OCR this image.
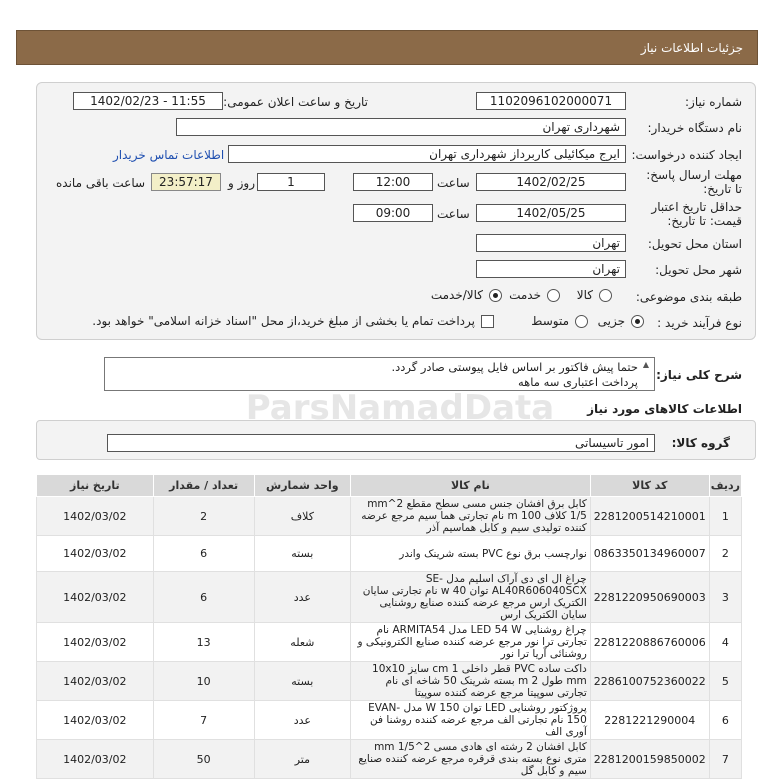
جزئیات اطلاعات نیاز
شماره نیاز:
1102096102000071
تاریخ و ساعت اعلان عمومی:
1402/02/23 - 11:55
نام دستگاه خریدار:
شهرداری تهران
ایجاد کننده درخواست:
ایرج میکائیلی کاربرداز شهرداری تهران
اطلاعات تماس خریدار
مهلت ارسال پاسخ: تا تاریخ:
1402/02/25
ساعت
12:00
1
روز و
23:57:17
ساعت باقی مانده
حداقل تاریخ اعتبار قیمت: تا تاریخ:
1402/05/25
ساعت
09:00
استان محل تحویل:
تهران
شهر محل تحویل:
تهران
طبقه بندی موضوعی:
کالا
خدمت
کالا/خدمت
نوع فرآیند خرید :
جزیی
متوسط
پرداخت تمام یا بخشی از مبلغ خرید،از محل "اسناد خزانه اسلامی" خواهد بود.
شرح کلی نیاز:
حتما پیش فاکتور بر اساس فایل پیوستی صادر گردد.
پرداخت اعتباری سه ماهه
▲
اطلاعات کالاهای مورد نیاز
گروه کالا:
امور تاسیساتی
ردیف	کد کالا	نام کالا	واحد شمارش	تعداد / مقدار	تاریخ نیاز
1	2281200514210001	کابل برق افشان جنس مسی سطح مقطع 2^mm 1/5 کلاف 100 m نام تجارتی هما سیم مرجع عرضه کننده تولیدی سیم و کابل هماسیم آذر	کلاف	2	1402/03/02
2	0863350134960007	نوارچسب برق نوع PVC بسته شرینک واندر	بسته	6	1402/03/02
3	2281220950690003	چراغ ال ای دی آراک اسلیم مدل SE-AL40R606040SCX توان 40 w نام تجارتی سایان الکتریک ارس مرجع عرضه کننده صنایع روشنایی سایان الکتریک ارس	عدد	6	1402/03/02
4	2281220886760006	چراغ روشنایی LED 54 W مدل ARMITA54 نام تجارتی ترا نور مرجع عرضه کننده صنایع الکترونیکی و روشنائی آریا ترا نور	شعله	13	1402/03/02
5	2286100752360022	داکت ساده PVC قطر داخلی 1 cm سایز 10x10 mm طول 2 m بسته شرینک 50 شاخه ای نام تجارتی سوپیتا مرجع عرضه کننده سوپیتا	بسته	10	1402/03/02
6	2281221290004	پروژکتور روشنایی LED توان 150 W مدل EVAN-150 نام تجارتی الف مرجع عرضه کننده روشنا فن آوری الف	عدد	7	1402/03/02
7	2281200159850002	کابل افشان 2 رشته ای هادی مسی 2^mm 1/5 متری نوع بسته بندی قرقره مرجع عرضه کننده صنایع سیم و کابل گل	متر	50	1402/03/02
ParsNamadData
